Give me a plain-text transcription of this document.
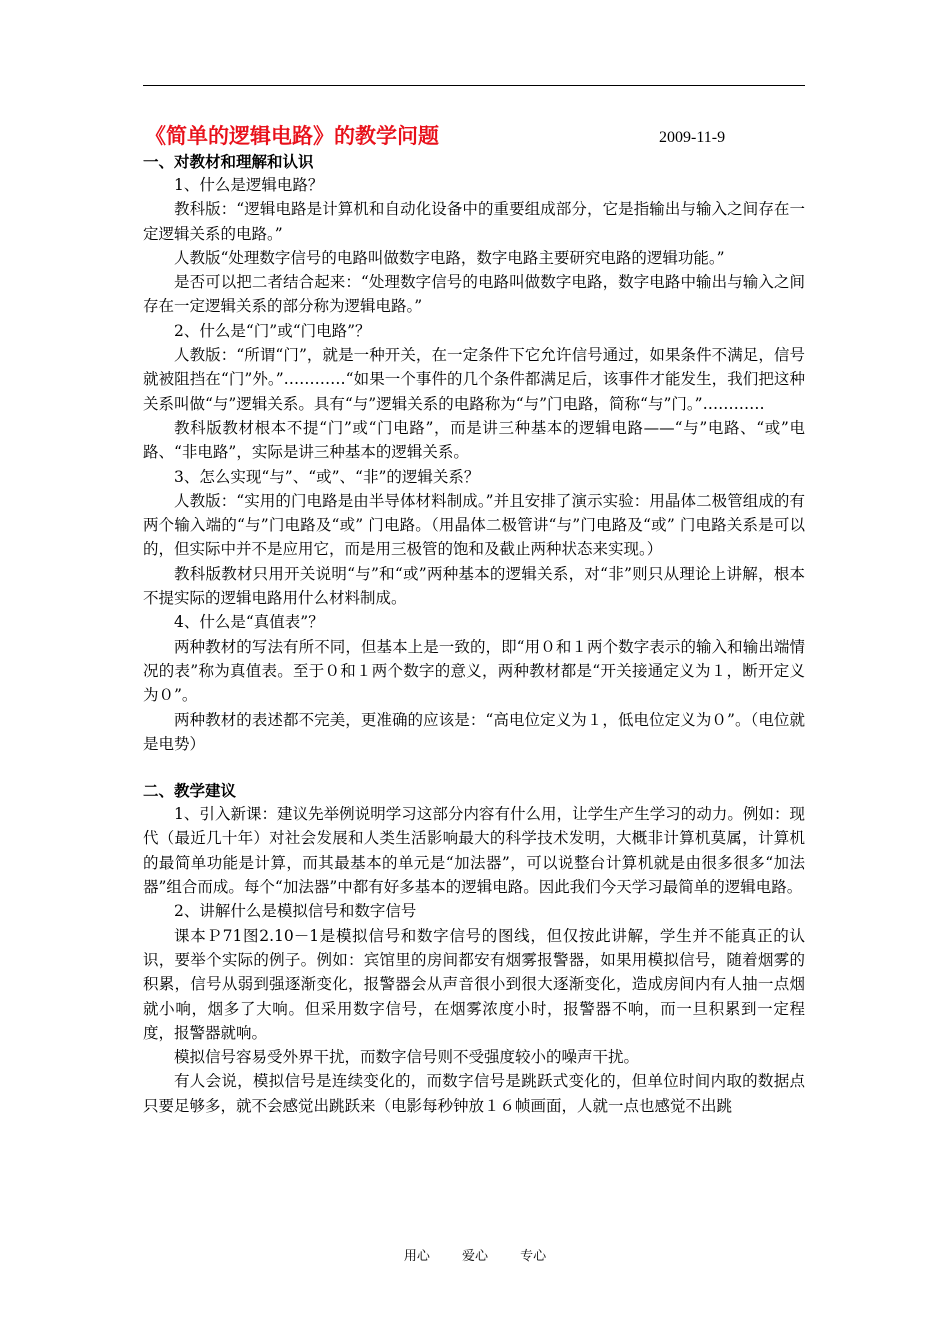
《简单的逻辑电路》的教学问题	2009-11-9
一、对教材和理解和认识

1、什么是逻辑电路？

教科版：“逻辑电路是计算机和自动化设备中的重要组成部分，它是指输出与输入之间存在一定逻辑关系的电路。”

人教版“处理数字信号的电路叫做数字电路，数字电路主要研究电路的逻辑功能。”

是否可以把二者结合起来：“处理数字信号的电路叫做数字电路，数字电路中输出与输入之间存在一定逻辑关系的部分称为逻辑电路。”

2、什么是“门”或“门电路”？

人教版：“所谓“门”，就是一种开关，在一定条件下它允许信号通过，如果条件不满足，信号就被阻挡在“门”外。”…………“如果一个事件的几个条件都满足后，该事件才能发生，我们把这种关系叫做“与”逻辑关系。具有“与”逻辑关系的电路称为“与”门电路，简称“与”门。”…………

教科版教材根本不提“门”或“门电路”，而是讲三种基本的逻辑电路——“与”电路、“或”电路、“非电路”，实际是讲三种基本的逻辑关系。

3、怎么实现“与”、“或”、“非”的逻辑关系？

人教版：“实用的门电路是由半导体材料制成。”并且安排了演示实验：用晶体二极管组成的有两个输入端的“与”门电路及“或” 门电路。（用晶体二极管讲“与”门电路及“或” 门电路关系是可以的，但实际中并不是应用它，而是用三极管的饱和及截止两种状态来实现。）

教科版教材只用开关说明“与”和“或”两种基本的逻辑关系，对“非”则只从理论上讲解，根本不提实际的逻辑电路用什么材料制成。

4、什么是“真值表”？

两种教材的写法有所不同，但基本上是一致的，即“用０和１两个数字表示的输入和输出端情况的表”称为真值表。至于０和１两个数字的意义，两种教材都是“开关接通定义为１，断开定义为０”。

两种教材的表述都不完美，更准确的应该是：“高电位定义为１，低电位定义为０”。（电位就是电势）

二、教学建议

1、引入新课：建议先举例说明学习这部分内容有什么用，让学生产生学习的动力。例如：现代（最近几十年）对社会发展和人类生活影响最大的科学技术发明，大概非计算机莫属，计算机的最简单功能是计算，而其最基本的单元是“加法器”，可以说整台计算机就是由很多很多“加法器”组合而成。每个“加法器”中都有好多基本的逻辑电路。因此我们今天学习最简单的逻辑电路。

2、讲解什么是模拟信号和数字信号

课本Ｐ71图2.10－1是模拟信号和数字信号的图线，但仅按此讲解，学生并不能真正的认识，要举个实际的例子。例如：宾馆里的房间都安有烟雾报警器，如果用模拟信号，随着烟雾的积累，信号从弱到强逐渐变化，报警器会从声音很小到很大逐渐变化，造成房间内有人抽一点烟就小响，烟多了大响。但采用数字信号，在烟雾浓度小时，报警器不响，而一旦积累到一定程度，报警器就响。

模拟信号容易受外界干扰，而数字信号则不受强度较小的噪声干扰。

有人会说，模拟信号是连续变化的，而数字信号是跳跃式变化的，但单位时间内取的数据点只要足够多，就不会感觉出跳跃来（电影每秒钟放１６帧画面，人就一点也感觉不出跳

用心 爱心 专心
